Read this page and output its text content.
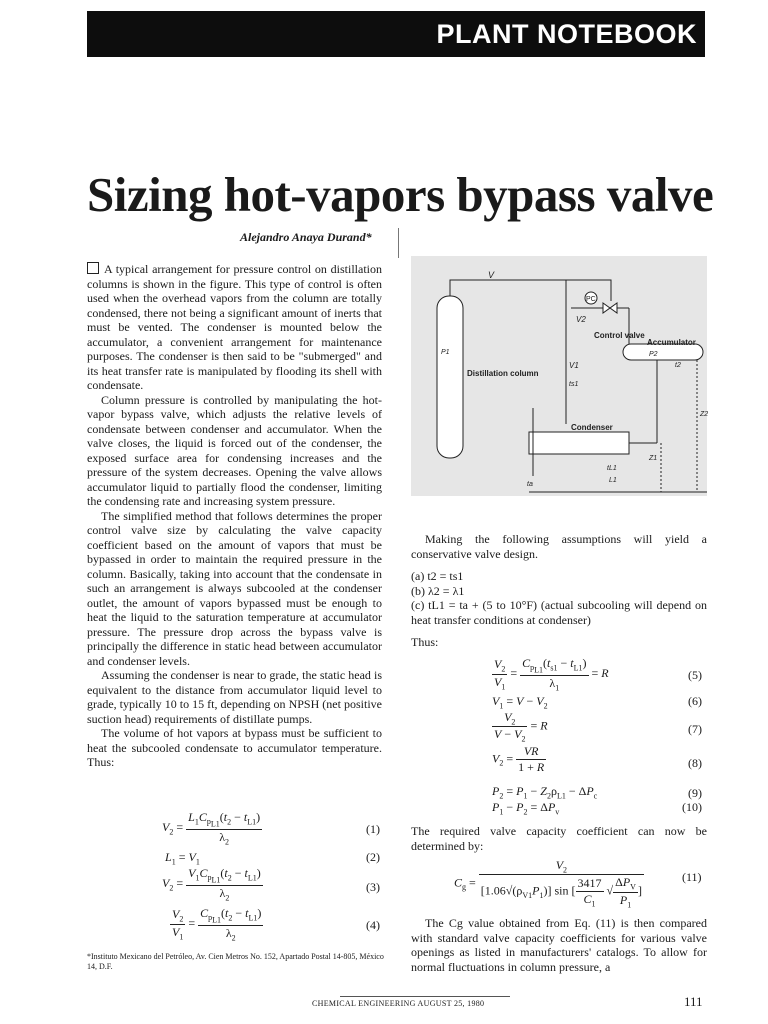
PLANT NOTEBOOK
Sizing hot-vapors bypass valve
Alejandro Anaya Durand*

A typical arrangement for pressure control on distillation columns is shown in the figure. This type of control is often used when the overhead vapors from the column are totally condensed, there not being a significant amount of inerts that must be vented. The condenser is mounted below the accumulator, a convenient arrangement for maintenance purposes. The condenser is then said to be "submerged" and its heat transfer rate is manipulated by flooding its shell with condensate.

Column pressure is controlled by manipulating the hot-vapor bypass valve, which adjusts the relative levels of condensate between condenser and accumulator. When the valve closes, the liquid is forced out of the condenser, the exposed surface area for condensing increases and the pressure of the system decreases. Opening the valve allows accumulator liquid to partially flood the condenser, limiting the condensing rate and increasing system pressure.

The simplified method that follows determines the proper control valve size by calculating the valve capacity coefficient based on the amount of vapors that must be bypassed in order to maintain the required pressure in the column. Basically, taking into account that the condensate in such an arrangement is always subcooled at the condenser outlet, the amount of vapors bypassed must be enough to heat the liquid to the saturation temperature at accumulator pressure. The pressure drop across the bypass valve is principally the difference in static head between accumulator and condenser levels.

Assuming the condenser is near to grade, the static head is equivalent to the distance from accumulator liquid level to grade, typically 10 to 15 ft, depending on NPSH (net positive suction head) requirements of distillate pumps.

The volume of hot vapors at bypass must be sufficient to heat the subcooled condensate to accumulator temperature. Thus:

$V_2 = \frac{L_1C_{p_{L1}}(t_2 - t_{L1})}{\lambda_2}$	(1)
$L_1 = V_1$	(2)
$V_2 = \frac{V_1C_{p_{L1}}(t_2 - t_{L1})}{\lambda_2}$	(3)
$\frac{V_2}{V_1} = \frac{C_{p_{L1}}(t_2 - t_{L1})}{\lambda_2}$	(4)
V
PC
V2
Control valve
Accumulator
P2
t2
P1
Distillation column
V1
ts1
Condenser
Z2
Z1
tL1
L1
ta

Making the following assumptions will yield a conservative valve design.

(a) t2 = ts1
(b) λ2 = λ1
(c) tL1 = ta + (5 to 10°F) (actual subcooling will depend on heat transfer conditions at condenser)
Thus:
$\frac{V_2}{V_1} = \frac{C_{p_{L1}}(t_{s1} - t_{L1})}{\lambda_1} = R$	(5)
$V_1 = V - V_2$	(6)
$\frac{V_2}{V - V_2} = R$	(7)
$V_2 = \frac{VR}{1 + R}$	(8)
$P_2 = P_1 - Z_2\rho_{L1} - \Delta P_c$	(9)
$P_1 - P_2 = \Delta P_v$	(10)
The required valve capacity coefficient can now be determined by:
$C_g = \frac{V_2}{[1.06√(\rho_{V1}P_1)] \sin [ \frac{3417}{C_1} √ \frac{\Delta P_V}{P_1} ]}$	(11)

The Cg value obtained from Eq. (11) is then compared with standard valve capacity coefficients for various valve openings as listed in manufacturers' catalogs. To allow for normal fluctuations in column pressure, a

*Instituto Mexicano del Petróleo, Av. Cien Metros No. 152, Apartado Postal 14-805, México 14, D.F.
CHEMICAL ENGINEERING AUGUST 25, 1980	111
